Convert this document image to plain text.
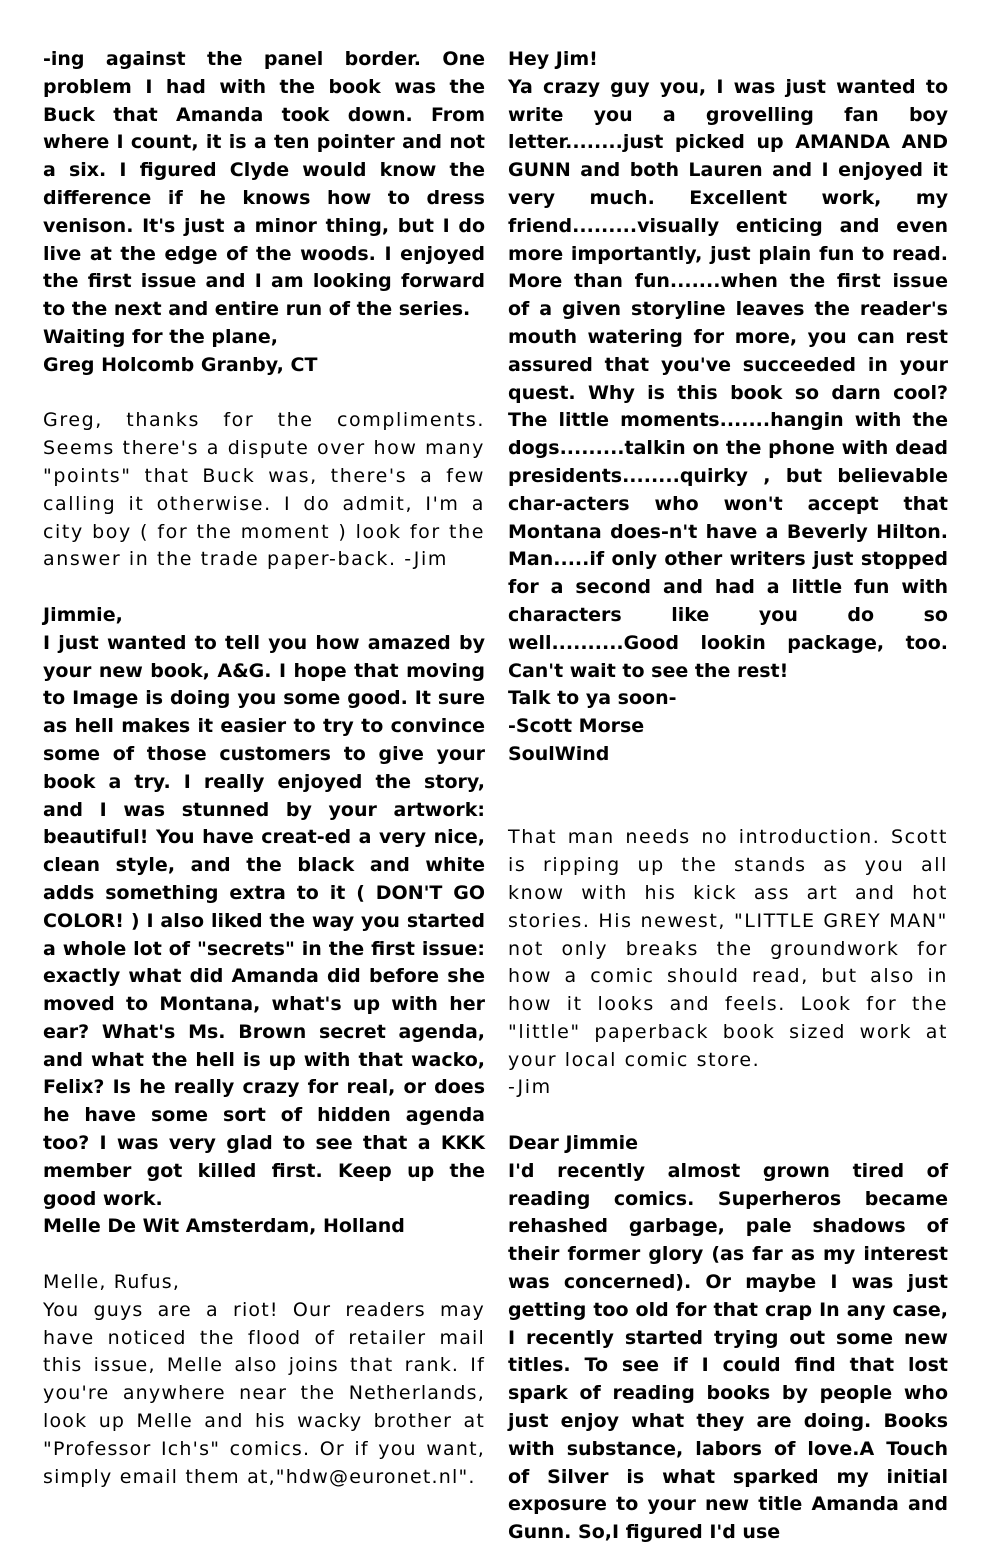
-ing against the panel border. One problem I had with the book was the Buck that Amanda took down. From where I count, it is a ten pointer and not a six. I figured Clyde would know the difference if he knows how to dress venison. It's just a minor thing, but I do live at the edge of the woods. I enjoyed the first issue and I am looking forward to the next and entire run of the series.

Waiting for the plane,

Greg Holcomb Granby, CT

Greg, thanks for the compliments. Seems there's a dispute over how many "points" that Buck was, there's a few calling it otherwise. I do admit, I'm a city boy ( for the moment ) look for the answer in the trade paper-back. -Jim

Jimmie,

I just wanted to tell you how amazed by your new book, A&G. I hope that moving to Image is doing you some good. It sure as hell makes it easier to try to convince some of those customers to give your book a try. I really enjoyed the story, and I was stunned by your artwork: beautiful! You have creat-ed a very nice, clean style, and the black and white adds something extra to it ( DON'T GO COLOR! ) I also liked the way you started a whole lot of "secrets" in the first issue: exactly what did Amanda did before she moved to Montana, what's up with her ear? What's Ms. Brown secret agenda, and what the hell is up with that wacko, Felix? Is he really crazy for real, or does he have some sort of hidden agenda too? I was very glad to see that a KKK member got killed first. Keep up the good work.

Melle De Wit Amsterdam, Holland

Melle, Rufus,

You guys are a riot! Our readers may have noticed the flood of retailer mail this issue, Melle also joins that rank. If you're anywhere near the Netherlands, look up Melle and his wacky brother at "Professor Ich's" comics. Or if you want, simply email them at,"hdw@euronet.nl".

Hey Jim!

Ya crazy guy you, I was just wanted to write you a grovelling fan boy letter........just picked up AMANDA AND GUNN and both Lauren and I enjoyed it very much. Excellent work, my friend.........visually enticing and even more importantly, just plain fun to read. More than fun.......when the first issue of a given storyline leaves the reader's mouth watering for more, you can rest assured that you've succeeded in your quest. Why is this book so darn cool? The little moments.......hangin with the dogs.........talkin on the phone with dead presidents........quirky , but believable char-acters who won't accept that Montana does-n't have a Beverly Hilton. Man.....if only other writers just stopped for a second and had a little fun with characters like you do so well..........Good lookin package, too. Can't wait to see the rest!

Talk to ya soon-

-Scott Morse

SoulWind

That man needs no introduction. Scott is ripping up the stands as you all know with his kick ass art and hot stories. His newest, "LITTLE GREY MAN" not only breaks the groundwork for how a comic should read, but also in how it looks and feels. Look for the "little" paperback book sized work at your local comic store.

-Jim

Dear Jimmie

I'd recently almost grown tired of reading comics. Superheros became rehashed garbage, pale shadows of their former glory (as far as my interest was concerned). Or maybe I was just getting too old for that crap In any case, I recently started trying out some new titles. To see if I could find that lost spark of reading books by people who just enjoy what they are doing. Books with substance, labors of love.A Touch of Silver is what sparked my initial exposure to your new title Amanda and Gunn. So,I figured I'd use
